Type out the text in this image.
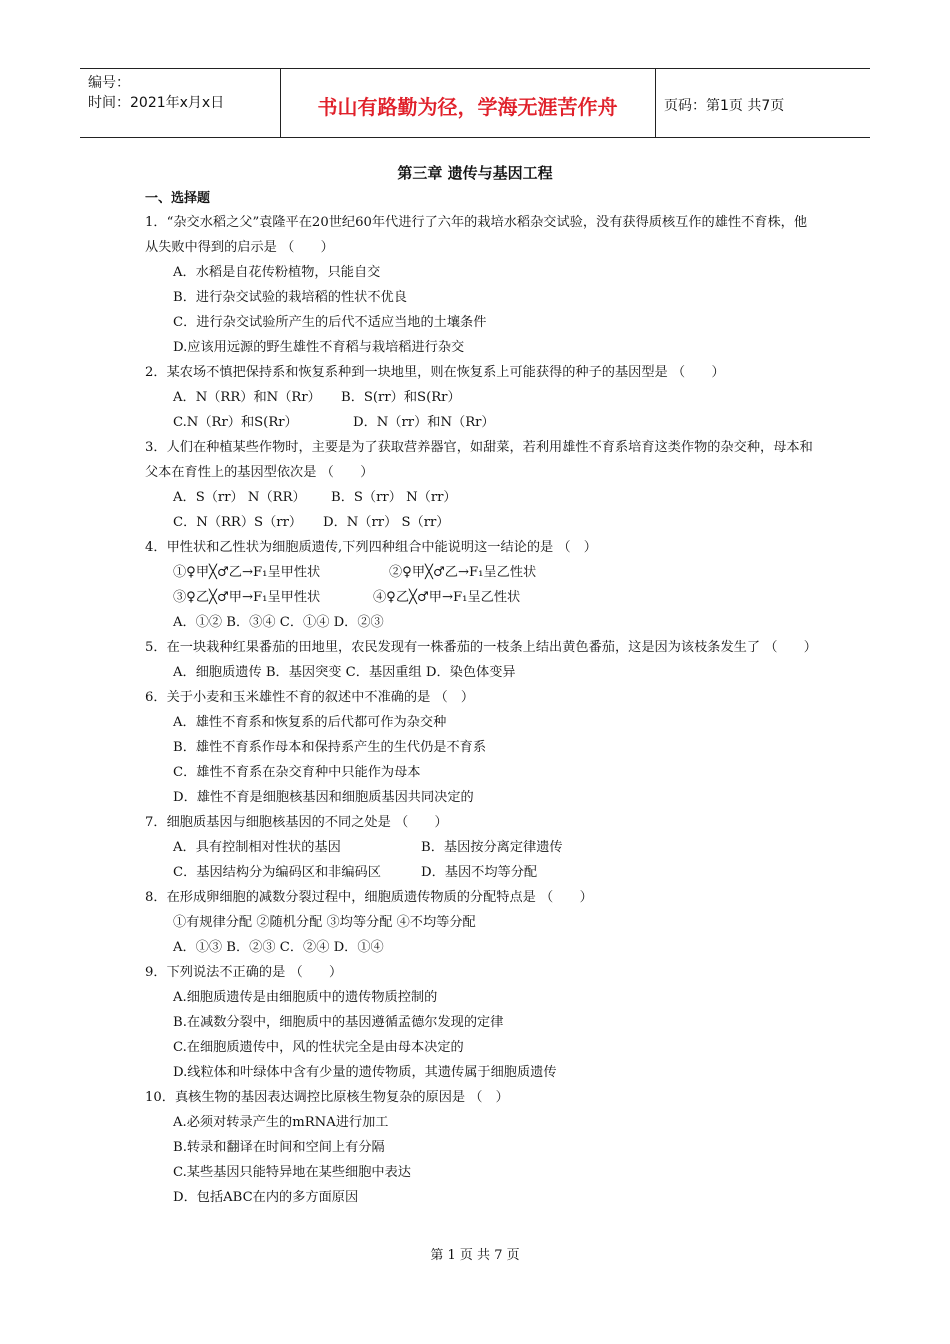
编号：
时间：2021年x月x日	书山有路勤为径，学海无涯苦作舟	页码：第1页 共7页
第三章 遗传与基因工程
一、选择题
1．“杂交水稻之父”袁隆平在20世纪60年代进行了六年的栽培水稻杂交试验，没有获得质核互作的雄性不育株，他从失败中得到的启示是 （　　）
A．水稻是自花传粉植物，只能自交
B．进行杂交试验的栽培稻的性状不优良
C．进行杂交试验所产生的后代不适应当地的土壤条件
D.应该用远源的野生雄性不育稻与栽培稻进行杂交
2．某农场不慎把保持系和恢复系种到一块地里，则在恢复系上可能获得的种子的基因型是 （　　）
A．N（RR）和N（Rr） B．S(rr）和S(Rr）
C.N（Rr）和S(Rr）	D．N（rr）和N（Rr）
3．人们在种植某些作物时，主要是为了获取营养器官，如甜菜，若利用雄性不育系培育这类作物的杂交种，母本和父本在育性上的基因型依次是 （　　）
A．S（rr） N（RR） B．S（rr） N（rr）
C．N（RR）S（rr） D．N（rr） S（rr）
4．甲性状和乙性状为细胞质遗传,下列四种组合中能说明这一结论的是 （　）
①♀甲╳♂乙→F₁呈甲性状	②♀甲╳♂乙→F₁呈乙性状
③♀乙╳♂甲→F₁呈甲性状	④♀乙╳♂甲→F₁呈乙性状
A．①② B．③④ C．①④ D．②③
5．在一块栽种红果番茄的田地里，农民发现有一株番茄的一枝条上结出黄色番茄，这是因为该枝条发生了 （　　）
A．细胞质遗传 B．基因突变 C．基因重组 D．染色体变异
6．关于小麦和玉米雄性不育的叙述中不准确的是 （　）
A．雄性不育系和恢复系的后代都可作为杂交种
B．雄性不育系作母本和保持系产生的生代仍是不育系
C．雄性不育系在杂交育种中只能作为母本
D．雄性不育是细胞核基因和细胞质基因共同决定的
7．细胞质基因与细胞核基因的不同之处是 （　　）
A．具有控制相对性状的基因	B．基因按分离定律遗传
C．基因结构分为编码区和非编码区	D．基因不均等分配
8．在形成卵细胞的减数分裂过程中，细胞质遗传物质的分配特点是 （　　）
①有规律分配 ②随机分配 ③均等分配 ④不均等分配
A．①③ B．②③ C．②④ D．①④
9．下列说法不正确的是 （　　）
A.细胞质遗传是由细胞质中的遗传物质控制的
B.在减数分裂中，细胞质中的基因遵循孟德尔发现的定律
C.在细胞质遗传中，风的性状完全是由母本决定的
D.线粒体和叶绿体中含有少量的遗传物质，其遗传属于细胞质遗传
10．真核生物的基因表达调控比原核生物复杂的原因是 （　）
A.必须对转录产生的mRNA进行加工
B.转录和翻译在时间和空间上有分隔
C.某些基因只能特异地在某些细胞中表达
D．包括ABC在内的多方面原因
第 1 页 共 7 页
